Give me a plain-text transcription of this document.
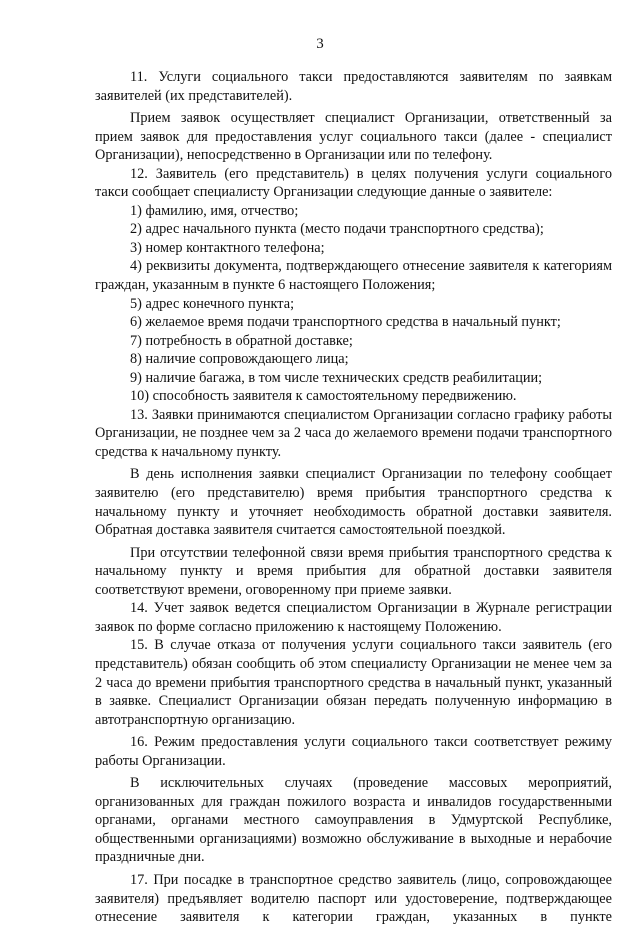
3

11. Услуги социального такси предоставляются заявителям по заявкам заявителей (их представителей).

Прием заявок осуществляет специалист Организации, ответственный за прием заявок для предоставления услуг социального такси (далее - специалист Организации), непосредственно в Организации или по телефону.

12. Заявитель (его представитель) в целях получения услуги социального такси сообщает специалисту Организации следующие данные о заявителе:

1) фамилию, имя, отчество;

2) адрес начального пункта (место подачи транспортного средства);

3) номер контактного телефона;

4) реквизиты документа, подтверждающего отнесение заявителя к категориям граждан, указанным в пункте 6 настоящего Положения;

5) адрес конечного пункта;

6) желаемое время подачи транспортного средства в начальный пункт;

7) потребность в обратной доставке;

8) наличие сопровождающего лица;

9) наличие багажа, в том числе технических средств реабилитации;

10) способность заявителя к самостоятельному передвижению.

13. Заявки принимаются специалистом Организации согласно графику работы Организации, не позднее чем за 2 часа до желаемого времени подачи транспортного средства к начальному пункту.

В день исполнения заявки специалист Организации по телефону сообщает заявителю (его представителю) время прибытия транспортного средства к начальному пункту и уточняет необходимость обратной доставки заявителя. Обратная доставка заявителя считается самостоятельной поездкой.

При отсутствии телефонной связи время прибытия транспортного средства к начальному пункту и время прибытия для обратной доставки заявителя соответствуют времени, оговоренному при приеме заявки.

14. Учет заявок ведется специалистом Организации в Журнале регистрации заявок по форме согласно приложению к настоящему Положению.

15. В случае отказа от получения услуги социального такси заявитель (его представитель) обязан сообщить об этом специалисту Организации не менее чем за 2 часа до времени прибытия транспортного средства в начальный пункт, указанный в заявке. Специалист Организации обязан передать полученную информацию в автотранспортную организацию.

16. Режим предоставления услуги социального такси соответствует режиму работы Организации.

В исключительных случаях (проведение массовых мероприятий, организованных для граждан пожилого возраста и инвалидов государственными органами, органами местного самоуправления в Удмуртской Республике, общественными организациями) возможно обслуживание в выходные и нерабочие праздничные дни.

17. При посадке в транспортное средство заявитель (лицо, сопровождающее заявителя) предъявляет водителю паспорт или удостоверение, подтверждающее отнесение заявителя к категории граждан, указанных в пункте
